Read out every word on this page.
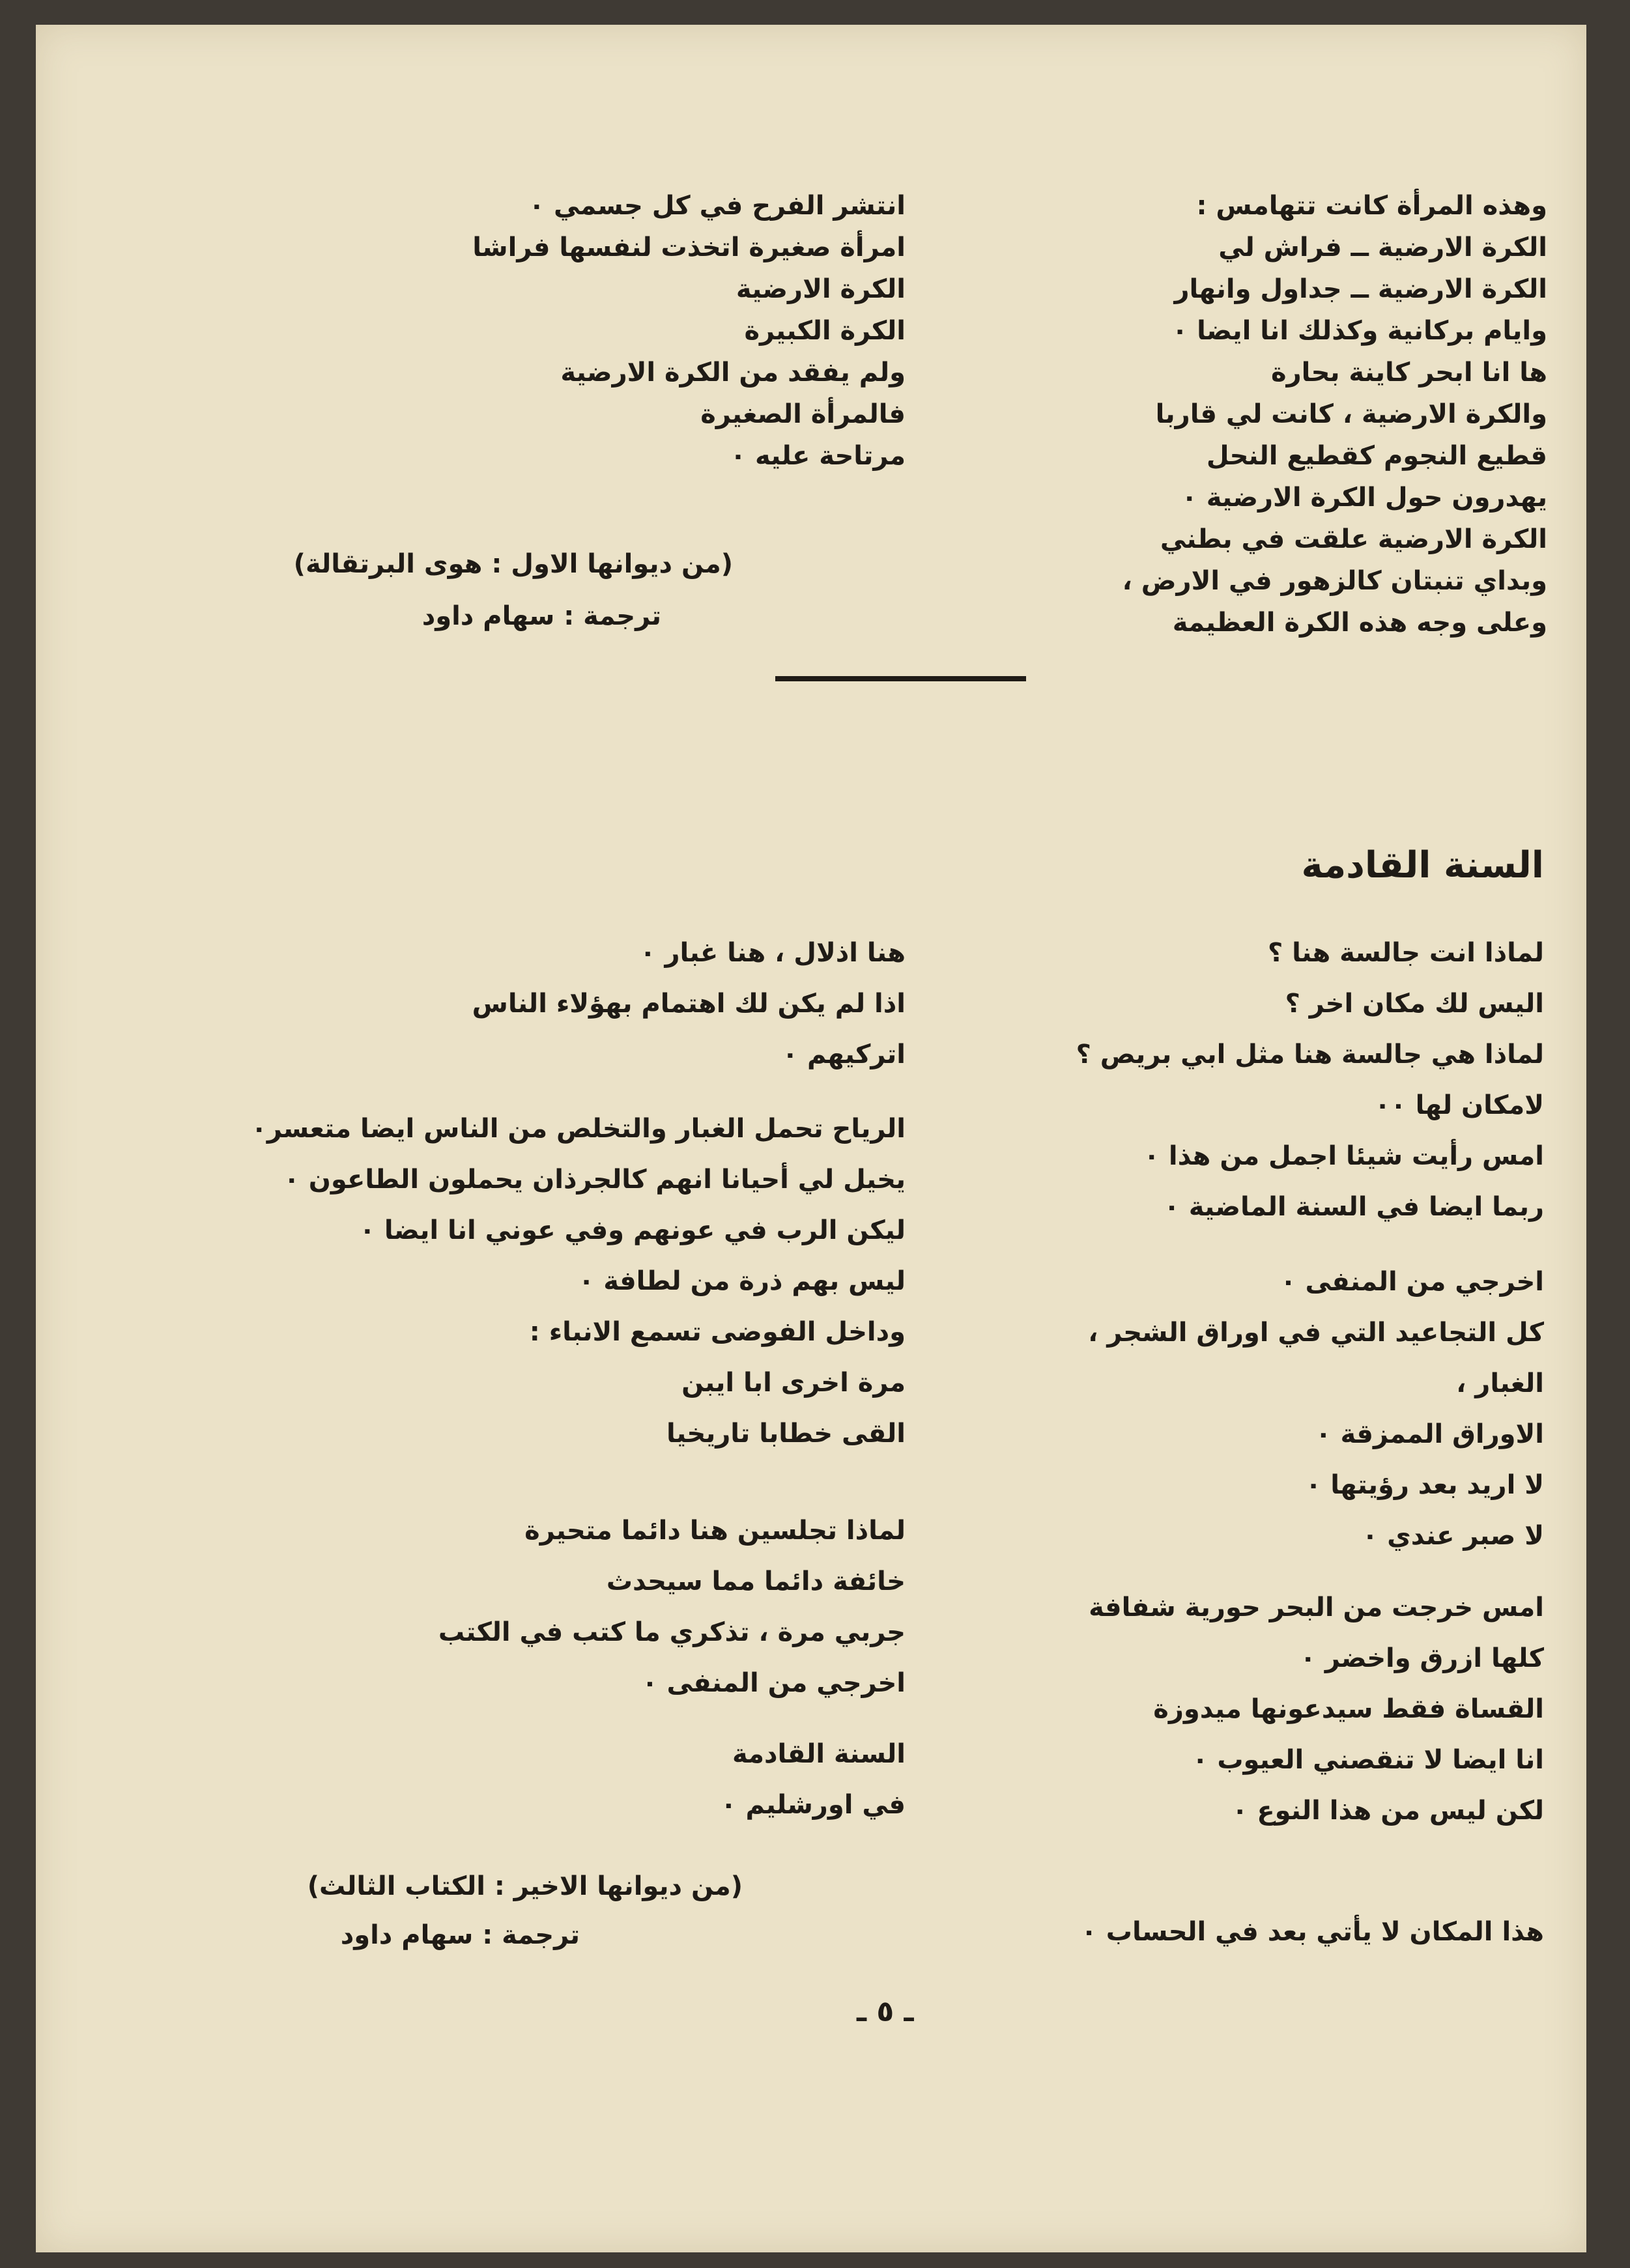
وهذه المرأة كانت تتهامس :
الكرة الارضية ــ فراش لي
الكرة الارضية ــ جداول وانهار
وايام بركانية وكذلك انا ايضا ٠
ها انا ابحر كاينة بحارة
والكرة الارضية ، كانت لي قاربا
قطيع النجوم كقطيع النحل
يهدرون حول الكرة الارضية ٠
الكرة الارضية علقت في بطني
وبداي تنبتان كالزهور في الارض ،
وعلى وجه هذه الكرة العظيمة
انتشر الفرح في كل جسمي ٠
امرأة صغيرة اتخذت لنفسها فراشا
الكرة الارضية
الكرة الكبيرة
ولم يفقد من الكرة الارضية
فالمرأة الصغيرة
مرتاحة عليه ٠
(من ديوانها الاول : هوى البرتقالة)
ترجمة : سهام داود
السنة القادمة
لماذا انت جالسة هنا ؟
اليس لك مكان اخر ؟
لماذا هي جالسة هنا مثل ابي بريص ؟
لامكان لها ٠٠
امس رأيت شيئا اجمل من هذا ٠
ربما ايضا في السنة الماضية ٠
اخرجي من المنفى ٠
كل التجاعيد التي في اوراق الشجر ،
الغبار ،
الاوراق الممزقة ٠
لا اريد بعد رؤيتها ٠
لا صبر عندي ٠
امس خرجت من البحر حورية شفافة
كلها ازرق واخضر ٠
القساة فقط سيدعونها ميدوزة
انا ايضا لا تنقصني العيوب ٠
لكن ليس من هذا النوع ٠
هذا المكان لا يأتي بعد في الحساب ٠
هنا اذلال ، هنا غبار ٠
اذا لم يكن لك اهتمام بهؤلاء الناس
اتركيهم ٠
الرياح تحمل الغبار والتخلص من الناس ايضا متعسر٠
يخيل لي أحيانا انهم كالجرذان يحملون الطاعون ٠
ليكن الرب في عونهم وفي عوني انا ايضا ٠
ليس بهم ذرة من لطافة ٠
وداخل الفوضى تسمع الانباء :
مرة اخرى ابا ايبن
القى خطابا تاريخيا
لماذا تجلسين هنا دائما متحيرة
خائفة دائما مما سيحدث
جربي مرة ، تذكري ما كتب في الكتب
اخرجي من المنفى ٠
السنة القادمة
في اورشليم ٠
(من ديوانها الاخير : الكتاب الثالث)
ترجمة : سهام داود
ـ ٥ ـ
